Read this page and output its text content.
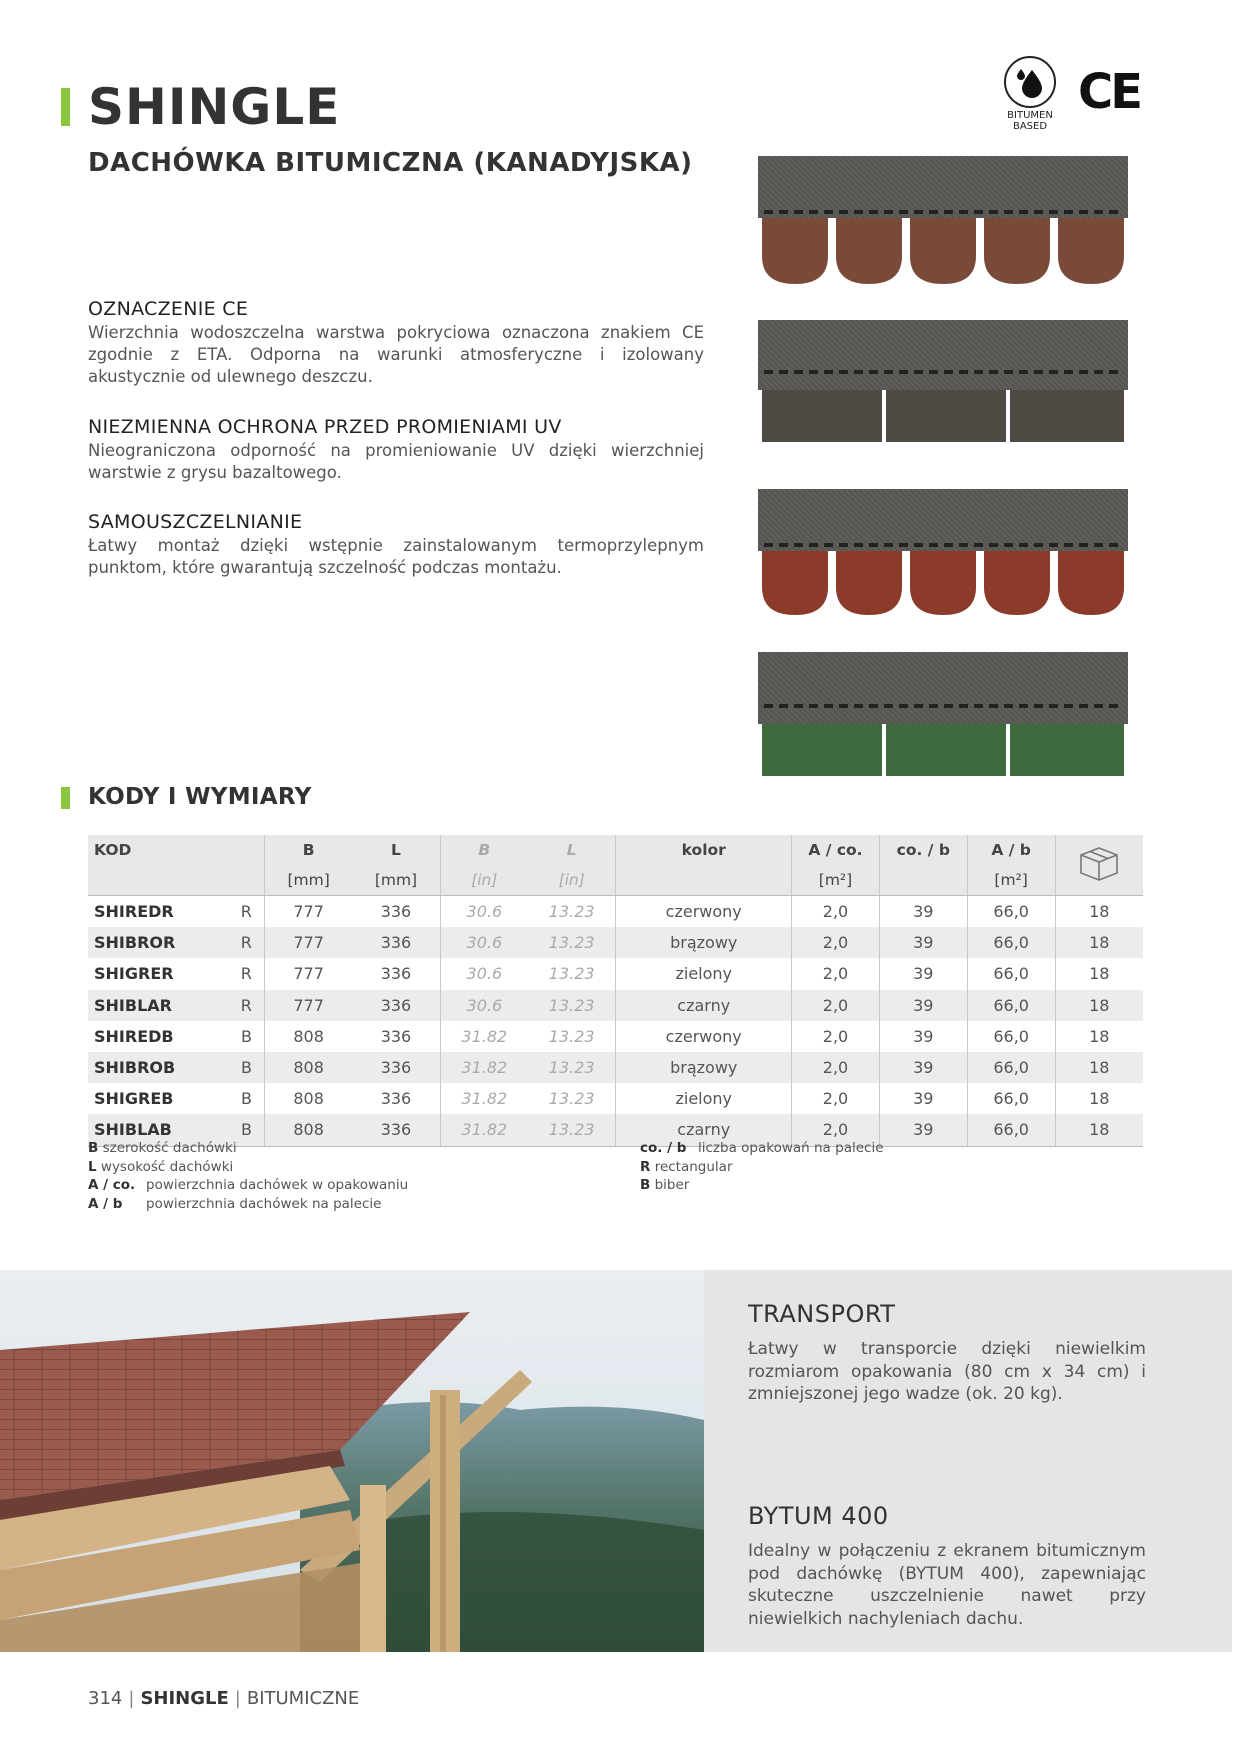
SHINGLE
DACHÓWKA BITUMICZNA (KANADYJSKA)
BITUMEN BASED
CE
OZNACZENIE CE

Wierzchnia wodoszczelna warstwa pokryciowa oznaczona znakiem CE zgodnie z ETA. Odporna na warunki atmosferyczne i izolowany akustycznie od ulewnego deszczu.

NIEZMIENNA OCHRONA PRZED PROMIENIAMI UV

Nieograniczona odporność na promieniowanie UV dzięki wierzchniej warstwie z grysu bazaltowego.

SAMOUSZCZELNIANIE

Łatwy montaż dzięki wstępnie zainstalowanym termoprzylepnym punktom, które gwarantują szczelność podczas montażu.

KODY I WYMIARY
KOD		B	L	B	L	kolor	A / co.	co. / b	A / b	
		[mm]	[mm]	[in]	[in]		[m²]		[m²]	
SHIREDR	R	777	336	30.6	13.23	czerwony	2,0	39	66,0	18
SHIBROR	R	777	336	30.6	13.23	brązowy	2,0	39	66,0	18
SHIGRER	R	777	336	30.6	13.23	zielony	2,0	39	66,0	18
SHIBLAR	R	777	336	30.6	13.23	czarny	2,0	39	66,0	18
SHIREDB	B	808	336	31.82	13.23	czerwony	2,0	39	66,0	18
SHIBROB	B	808	336	31.82	13.23	brązowy	2,0	39	66,0	18
SHIGREB	B	808	336	31.82	13.23	zielony	2,0	39	66,0	18
SHIBLAB	B	808	336	31.82	13.23	czarny	2,0	39	66,0	18
B szerokość dachówki
L wysokość dachówki
A / co. powierzchnia dachówek w opakowaniu
A / b powierzchnia dachówek na palecie
co. / b liczba opakowań na palecie
R rectangular
B biber
TRANSPORT

Łatwy w transporcie dzięki niewielkim rozmiarom opakowania (80 cm x 34 cm) i zmniejszonej jego wadze (ok. 20 kg).

BYTUM 400

Idealny w połączeniu z ekranem bitumicznym pod dachówkę (BYTUM 400), zapewniając skuteczne uszczelnienie nawet przy niewielkich nachyleniach dachu.

314 | SHINGLE | BITUMICZNE
